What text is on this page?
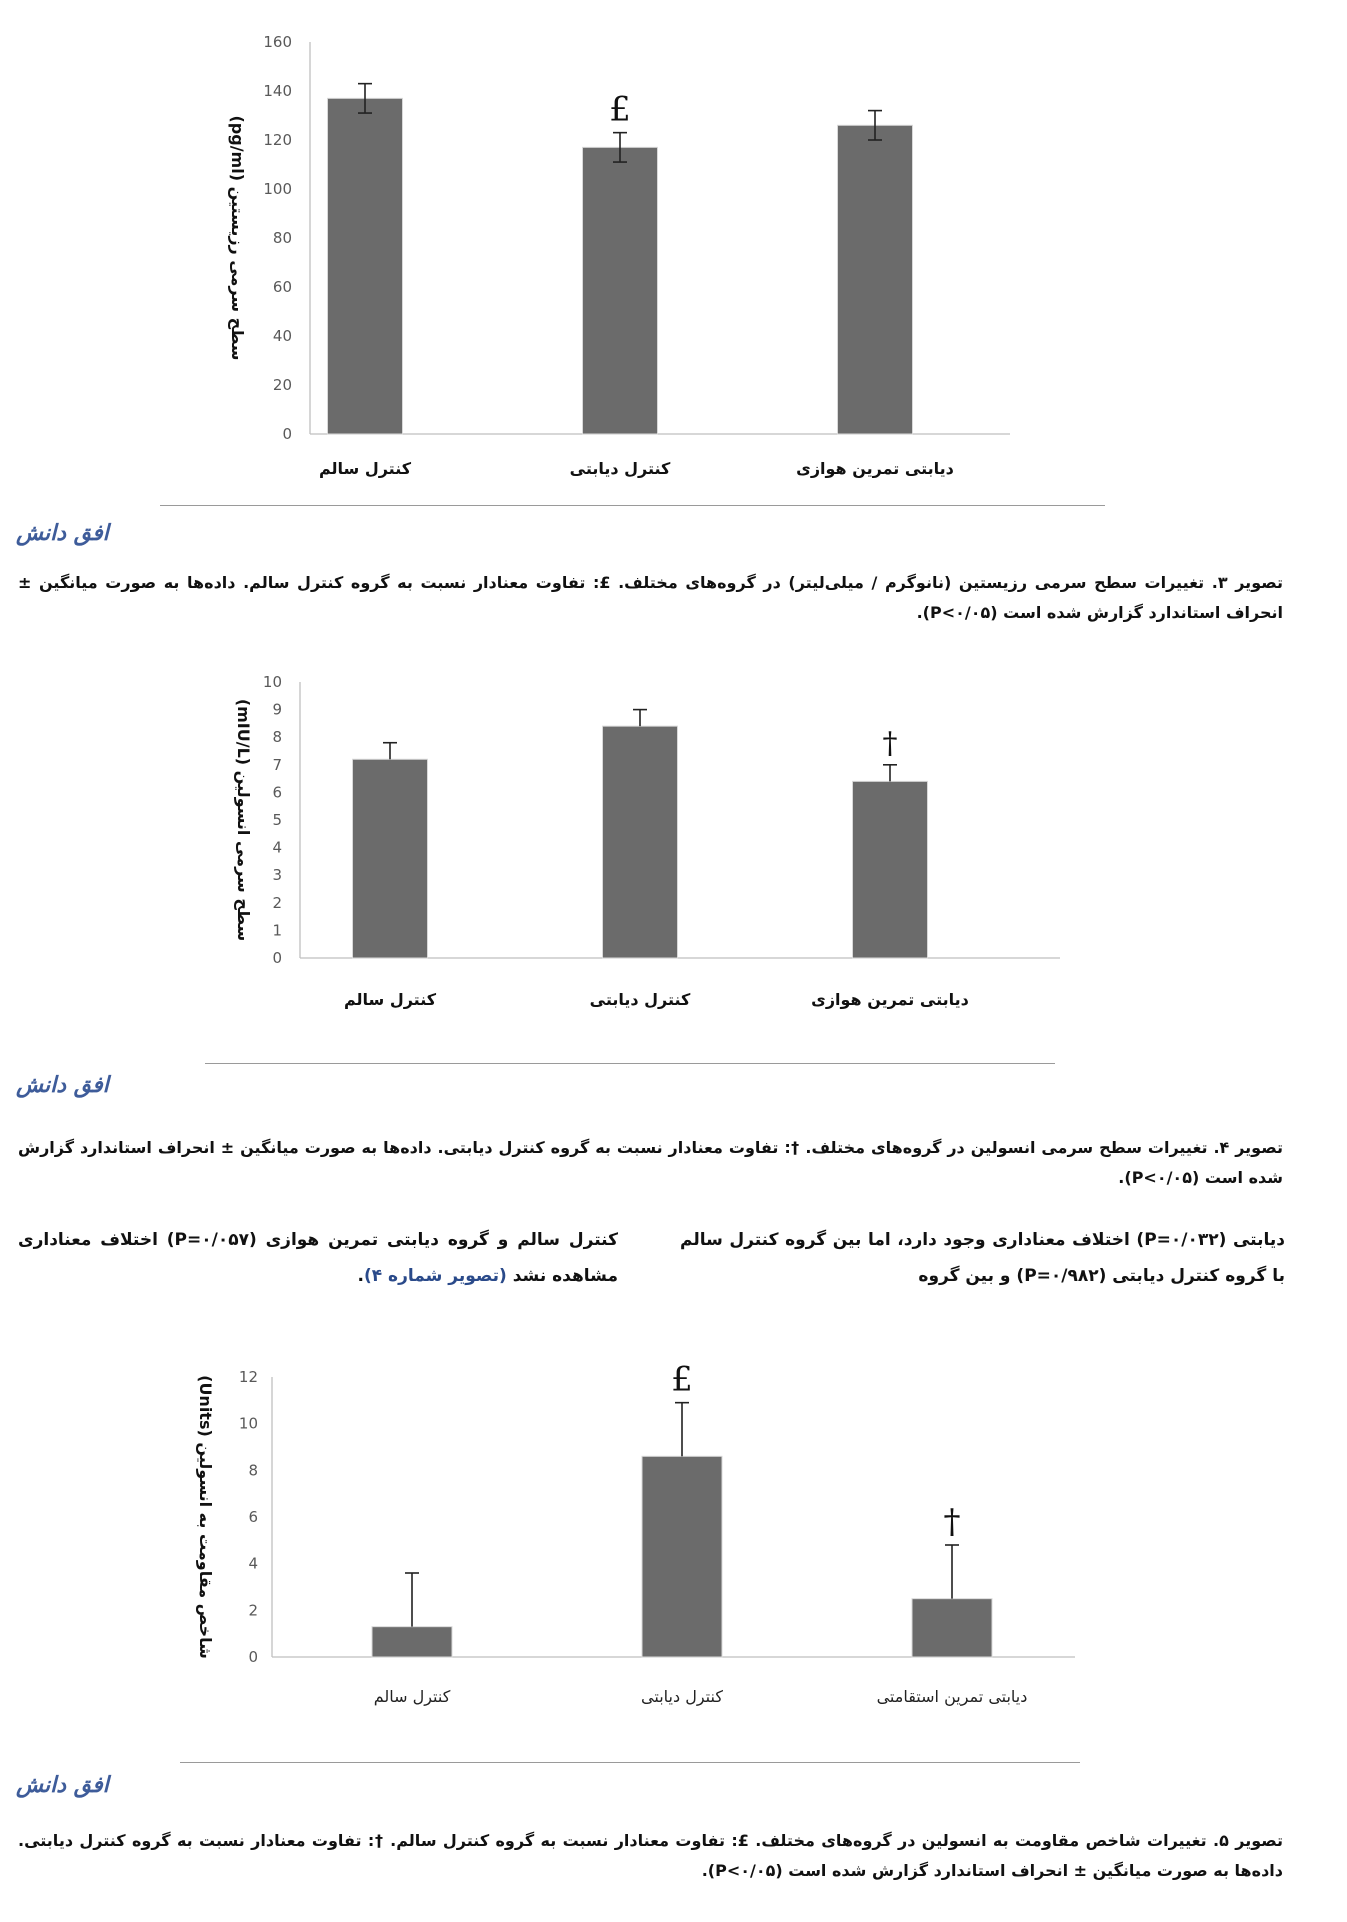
0
20
40
60
80
100
120
140
160
سطح سرمی رزیستین (pg/ml)
کنترل سالم
£
کنترل دیابتی	دیابتی تمرین هوازی
افق دانش
تصویر ۳. تغییرات سطح سرمی رزیستین (نانوگرم / میلی‌لیتر) در گروه‌های مختلف. £: تفاوت معنادار نسبت به گروه کنترل سالم. داده‌ها به صورت میانگین ± انحراف استاندارد گزارش شده است (P<۰/۰۵).
0
1
2
3
4
5
6
7
8
9
10
سطح سرمی انسولین (mIU/L)
کنترل سالم	کنترل دیابتی
†
دیابتی تمرین هوازی
افق دانش
تصویر ۴. تغییرات سطح سرمی انسولین در گروه‌های مختلف. †: تفاوت معنادار نسبت به گروه کنترل دیابتی. داده‌ها به صورت میانگین ± انحراف استاندارد گزارش شده است (P<۰/۰۵).
دیابتی (P=۰/۰۳۲) اختلاف معناداری وجود دارد، اما بین گروه کنترل سالم با گروه کنترل دیابتی (P=۰/۹۸۲) و بین گروه
کنترل سالم و گروه دیابتی تمرین هوازی (P=۰/۰۵۷) اختلاف معناداری مشاهده نشد (تصویر شماره ۴).
0
2
4
6
8
10
12
شاخص مقاومت به انسولین (Units)
کنترل سالم
£
کنترل دیابتی
†
دیابتی تمرین استقامتی
افق دانش
تصویر ۵. تغییرات شاخص مقاومت به انسولین در گروه‌های مختلف. £: تفاوت معنادار نسبت به گروه کنترل سالم. †: تفاوت معنادار نسبت به گروه کنترل دیابتی. داده‌ها به صورت میانگین ± انحراف استاندارد گزارش شده است (P<۰/۰۵).
